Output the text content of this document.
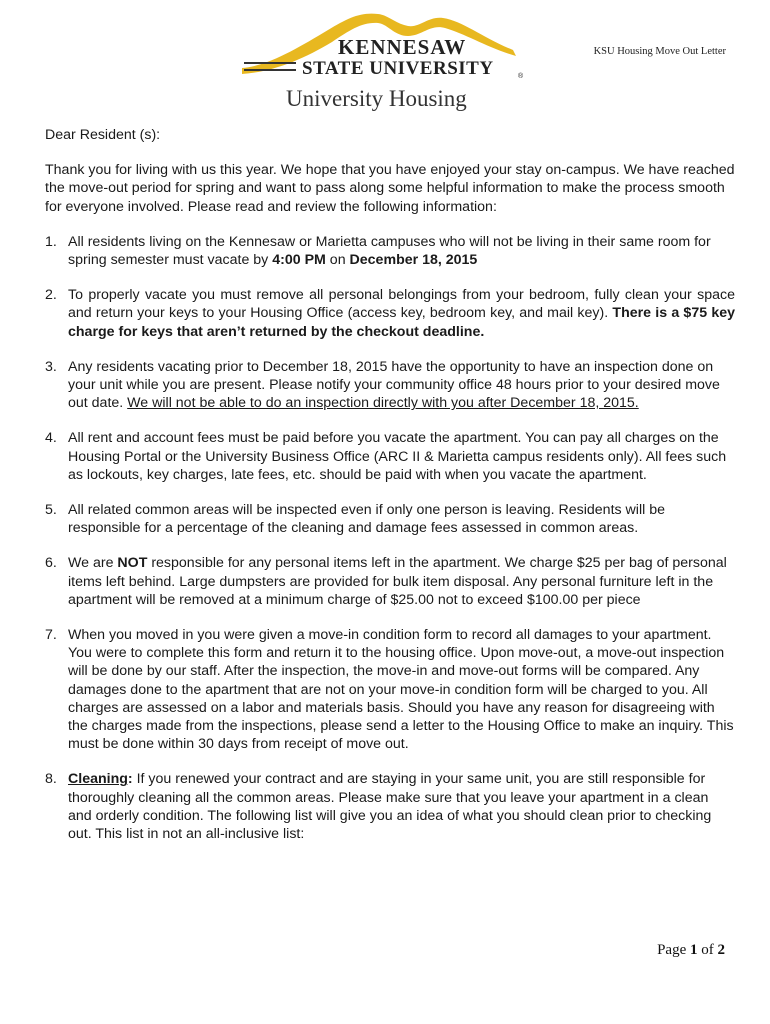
KENNESAW
STATE UNIVERSITY	®
University Housing
KSU Housing Move Out Letter

Dear Resident (s):

Thank you for living with us this year. We hope that you have enjoyed your stay on-campus. We have reached the move-out period for spring and want to pass along some helpful information to make the process smooth for everyone involved. Please read and review the following information:

1. All residents living on the Kennesaw or Marietta campuses who will not be living in their same room for spring semester must vacate by 4:00 PM on December 18, 2015
2. To properly vacate you must remove all personal belongings from your bedroom, fully clean your space and return your keys to your Housing Office (access key, bedroom key, and mail key). There is a $75 key charge for keys that aren’t returned by the checkout deadline.
3. Any residents vacating prior to December 18, 2015 have the opportunity to have an inspection done on your unit while you are present. Please notify your community office 48 hours prior to your desired move out date. We will not be able to do an inspection directly with you after December 18, 2015.
4. All rent and account fees must be paid before you vacate the apartment. You can pay all charges on the Housing Portal or the University Business Office (ARC II & Marietta campus residents only). All fees such as lockouts, key charges, late fees, etc. should be paid with when you vacate the apartment.
5. All related common areas will be inspected even if only one person is leaving. Residents will be responsible for a percentage of the cleaning and damage fees assessed in common areas.
6. We are NOT responsible for any personal items left in the apartment. We charge $25 per bag of personal items left behind. Large dumpsters are provided for bulk item disposal. Any personal furniture left in the apartment will be removed at a minimum charge of $25.00 not to exceed $100.00 per piece
7. When you moved in you were given a move-in condition form to record all damages to your apartment. You were to complete this form and return it to the housing office. Upon move-out, a move-out inspection will be done by our staff. After the inspection, the move-in and move-out forms will be compared. Any damages done to the apartment that are not on your move-in condition form will be charged to you. All charges are assessed on a labor and materials basis. Should you have any reason for disagreeing with the charges made from the inspections, please send a letter to the Housing Office to make an inquiry. This must be done within 30 days from receipt of move out.
8. Cleaning: If you renewed your contract and are staying in your same unit, you are still responsible for thoroughly cleaning all the common areas. Please make sure that you leave your apartment in a clean and orderly condition. The following list will give you an idea of what you should clean prior to checking out. This list in not an all-inclusive list:
Page 1 of 2
